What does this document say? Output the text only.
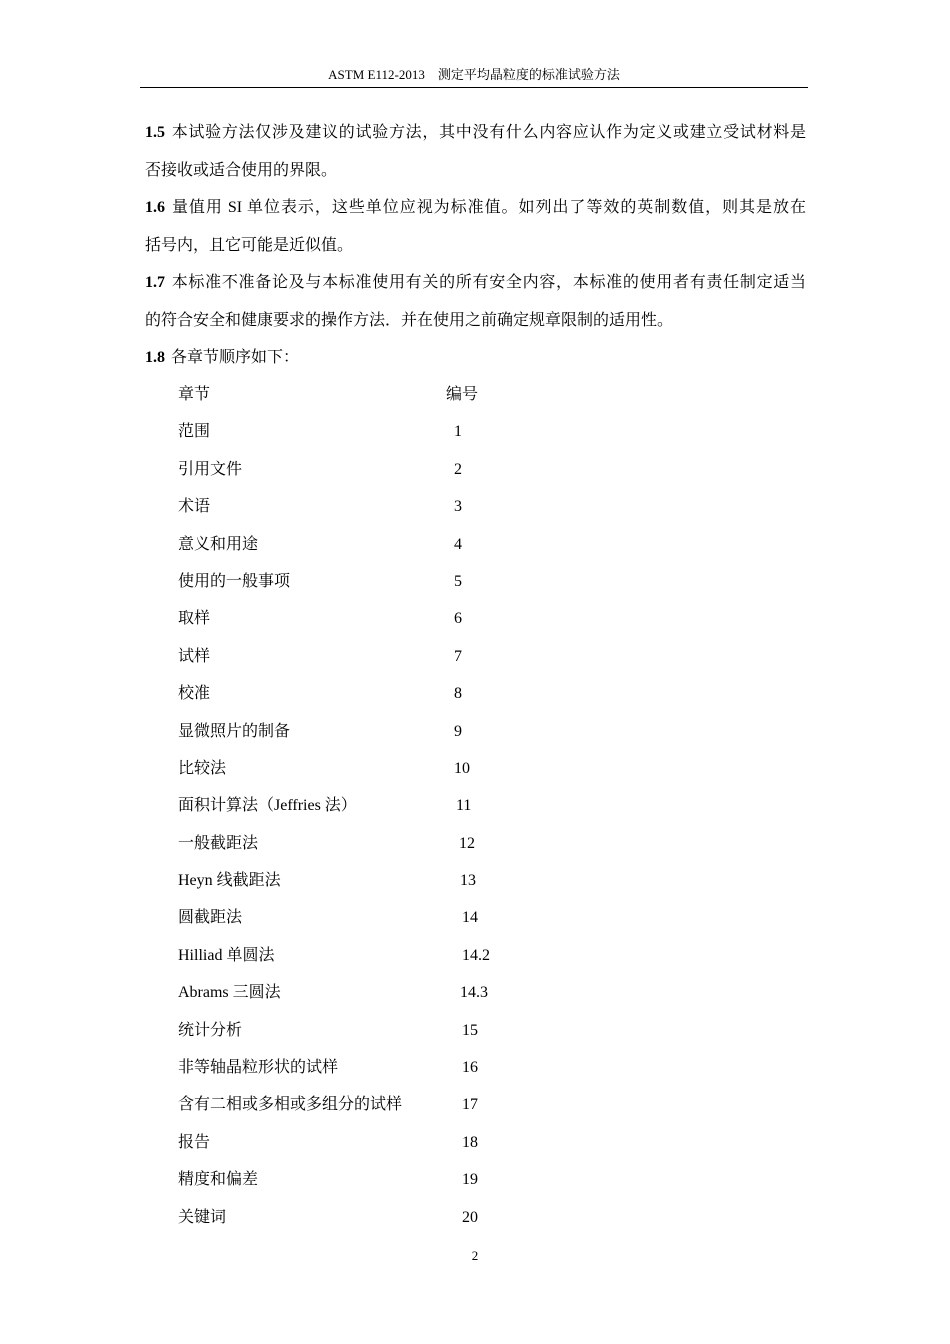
ASTM E112-2013　测定平均晶粒度的标准试验方法
1.5 本试验方法仅涉及建议的试验方法，其中没有什么内容应认作为定义或建立受试材料是
否接收或适合使用的界限。
1.6 量值用 SI 单位表示，这些单位应视为标准值。如列出了等效的英制数值，则其是放在
括号内，且它可能是近似值。
1.7 本标准不准备论及与本标准使用有关的所有安全内容，本标准的使用者有责任制定适当
的符合安全和健康要求的操作方法．并在使用之前确定规章限制的适用性。
1.8 各章节顺序如下：
章节	编号
范围	1
引用文件	2
术语	3
意义和用途	4
使用的一般事项	5
取样	6
试样	7
校准	8
显微照片的制备	9
比较法	10
面积计算法（Jeffries 法）	11
一般截距法	12
Heyn 线截距法	13
圆截距法	14
Hilliad 单圆法	14.2
Abrams 三圆法	14.3
统计分析	15
非等轴晶粒形状的试样	16
含有二相或多相或多组分的试样	17
报告	18
精度和偏差	19
关键词	20
2
